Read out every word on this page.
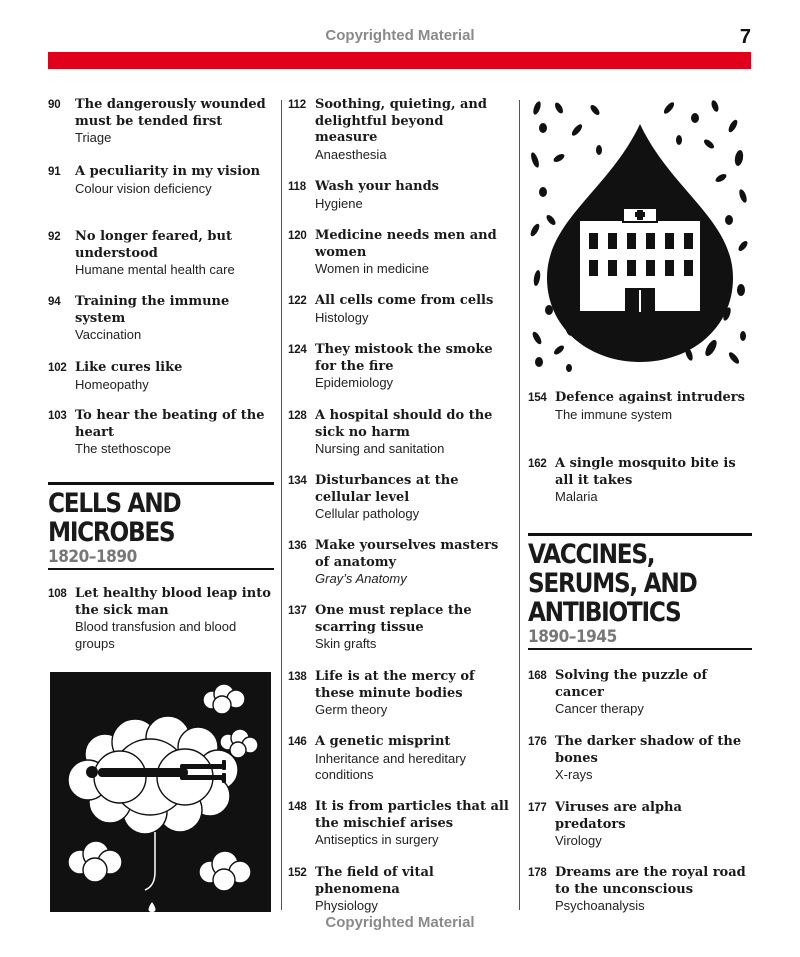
Copyrighted Material	7
90 The dangerously wounded must be tended first
Triage
91 A peculiarity in my vision
Colour vision deficiency
92 No longer feared, but understood
Humane mental health care
94 Training the immune system
Vaccination
102 Like cures like
Homeopathy
103 To hear the beating of the heart
The stethoscope
CELLS AND
MICROBES
1820–1890
108 Let healthy blood leap into the sick man
Blood transfusion and blood groups
112 Soothing, quieting, and delightful beyond measure
Anaesthesia
118 Wash your hands
Hygiene
120 Medicine needs men and women
Women in medicine
122 All cells come from cells
Histology
124 They mistook the smoke for the fire
Epidemiology
128 A hospital should do the sick no harm
Nursing and sanitation
134 Disturbances at the cellular level
Cellular pathology
136 Make yourselves masters of anatomy
Gray’s Anatomy
137 One must replace the scarring tissue
Skin grafts
138 Life is at the mercy of these minute bodies
Germ theory
146 A genetic misprint
Inheritance and hereditary conditions
148 It is from particles that all the mischief arises
Antiseptics in surgery
152 The field of vital phenomena
Physiology
154 Defence against intruders
The immune system
162 A single mosquito bite is all it takes
Malaria
VACCINES,
SERUMS, AND
ANTIBIOTICS
1890–1945
168 Solving the puzzle of cancer
Cancer therapy
176 The darker shadow of the bones
X-rays
177 Viruses are alpha predators
Virology
178 Dreams are the royal road to the unconscious
Psychoanalysis
Copyrighted Material
